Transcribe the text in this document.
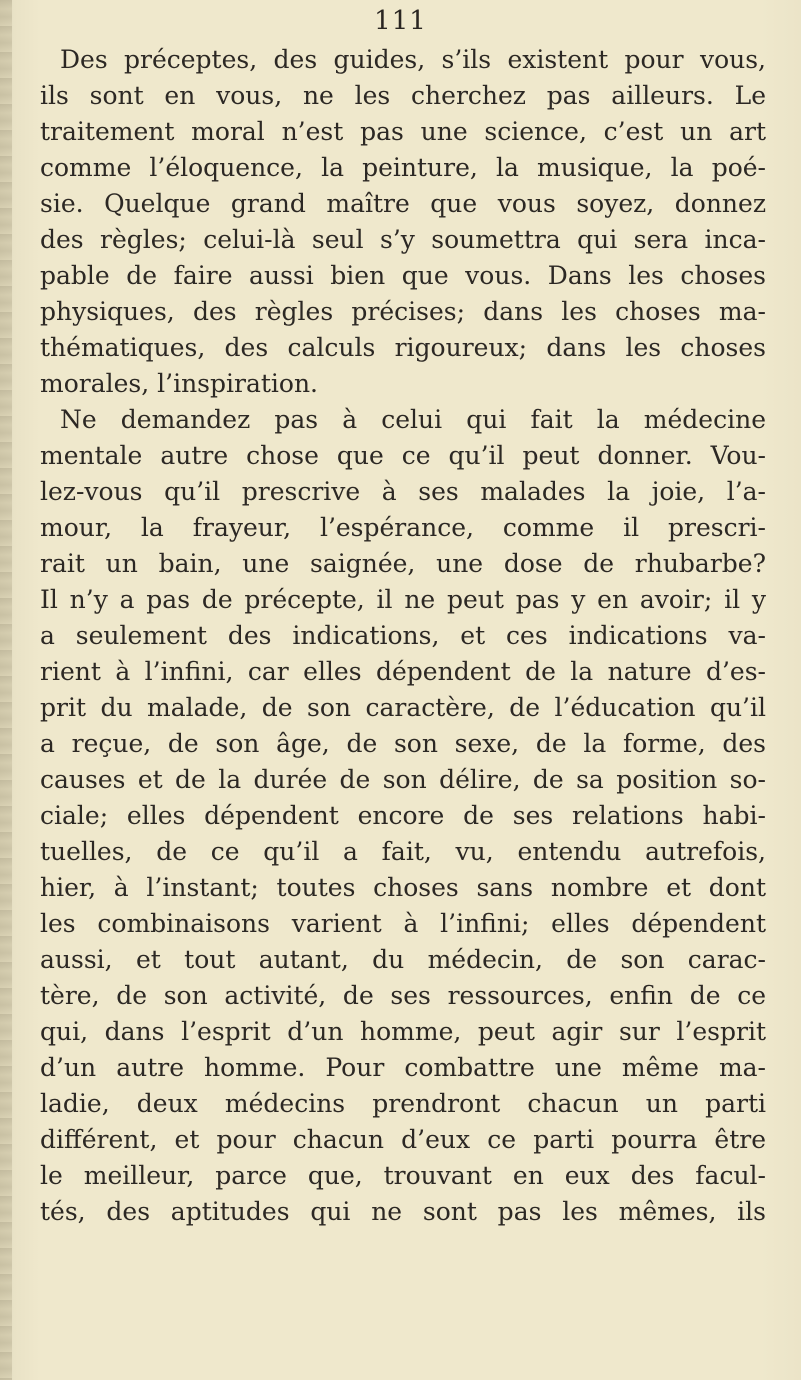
111
Des préceptes, des guides, s’ils existent pour vous,
ils sont en vous, ne les cherchez pas ailleurs. Le
traitement moral n’est pas une science, c’est un art
comme l’éloquence, la peinture, la musique, la poé-
sie. Quelque grand maître que vous soyez, donnez
des règles; celui-là seul s’y soumettra qui sera inca-
pable de faire aussi bien que vous. Dans les choses
physiques, des règles précises; dans les choses ma-
thématiques, des calculs rigoureux; dans les choses
morales, l’inspiration.
Ne demandez pas à celui qui fait la médecine
mentale autre chose que ce qu’il peut donner. Vou-
lez-vous qu’il prescrive à ses malades la joie, l’a-
mour, la frayeur, l’espérance, comme il prescri-
rait un bain, une saignée, une dose de rhubarbe?
Il n’y a pas de précepte, il ne peut pas y en avoir; il y
a seulement des indications, et ces indications va-
rient à l’infini, car elles dépendent de la nature d’es-
prit du malade, de son caractère, de l’éducation qu’il
a reçue, de son âge, de son sexe, de la forme, des
causes et de la durée de son délire, de sa position so-
ciale; elles dépendent encore de ses relations habi-
tuelles, de ce qu’il a fait, vu, entendu autrefois,
hier, à l’instant; toutes choses sans nombre et dont
les combinaisons varient à l’infini; elles dépendent
aussi, et tout autant, du médecin, de son carac-
tère, de son activité, de ses ressources, enfin de ce
qui, dans l’esprit d’un homme, peut agir sur l’esprit
d’un autre homme. Pour combattre une même ma-
ladie, deux médecins prendront chacun un parti
différent, et pour chacun d’eux ce parti pourra être
le meilleur, parce que, trouvant en eux des facul-
tés, des aptitudes qui ne sont pas les mêmes, ils
